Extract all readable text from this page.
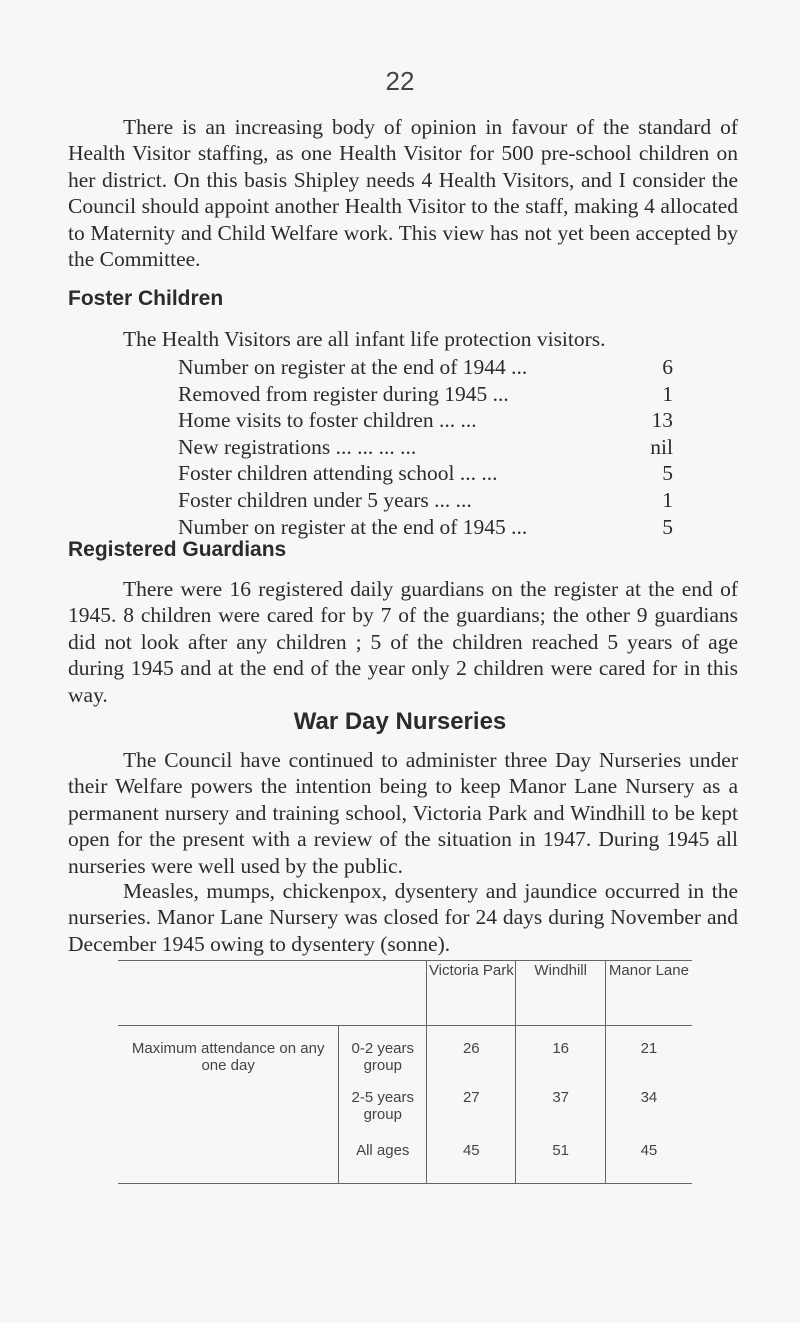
22

There is an increasing body of opinion in favour of the standard of Health Visitor staffing, as one Health Visitor for 500 pre-school children on her district. On this basis Shipley needs 4 Health Visitors, and I consider the Council should appoint another Health Visitor to the staff, making 4 allocated to Maternity and Child Welfare work. This view has not yet been accepted by the Committee.

Foster Children

The Health Visitors are all infant life protection visitors.

Number on register at the end of 1944 ...	6
Removed from register during 1945 ...	1
Home visits to foster children ... ...	13
New registrations ... ... ... ...	nil
Foster children attending school ... ...	5
Foster children under 5 years ... ...	1
Number on register at the end of 1945 ...	5
Registered Guardians

There were 16 registered daily guardians on the register at the end of 1945. 8 children were cared for by 7 of the guardians; the other 9 guardians did not look after any children ; 5 of the children reached 5 years of age during 1945 and at the end of the year only 2 children were cared for in this way.

War Day Nurseries

The Council have continued to administer three Day Nurseries under their Welfare powers the intention being to keep Manor Lane Nursery as a permanent nursery and training school, Victoria Park and Windhill to be kept open for the present with a review of the situation in 1947. During 1945 all nurseries were well used by the public.

Measles, mumps, chickenpox, dysentery and jaundice occurred in the nurseries. Manor Lane Nursery was closed for 24 days during November and December 1945 owing to dysentery (sonne).

		Victoria Park	Windhill	Manor Lane
Maximum attendance on any one day	0-2 years group	26	16	21
	2-5 years group	27	37	34
	All ages	45	51	45
